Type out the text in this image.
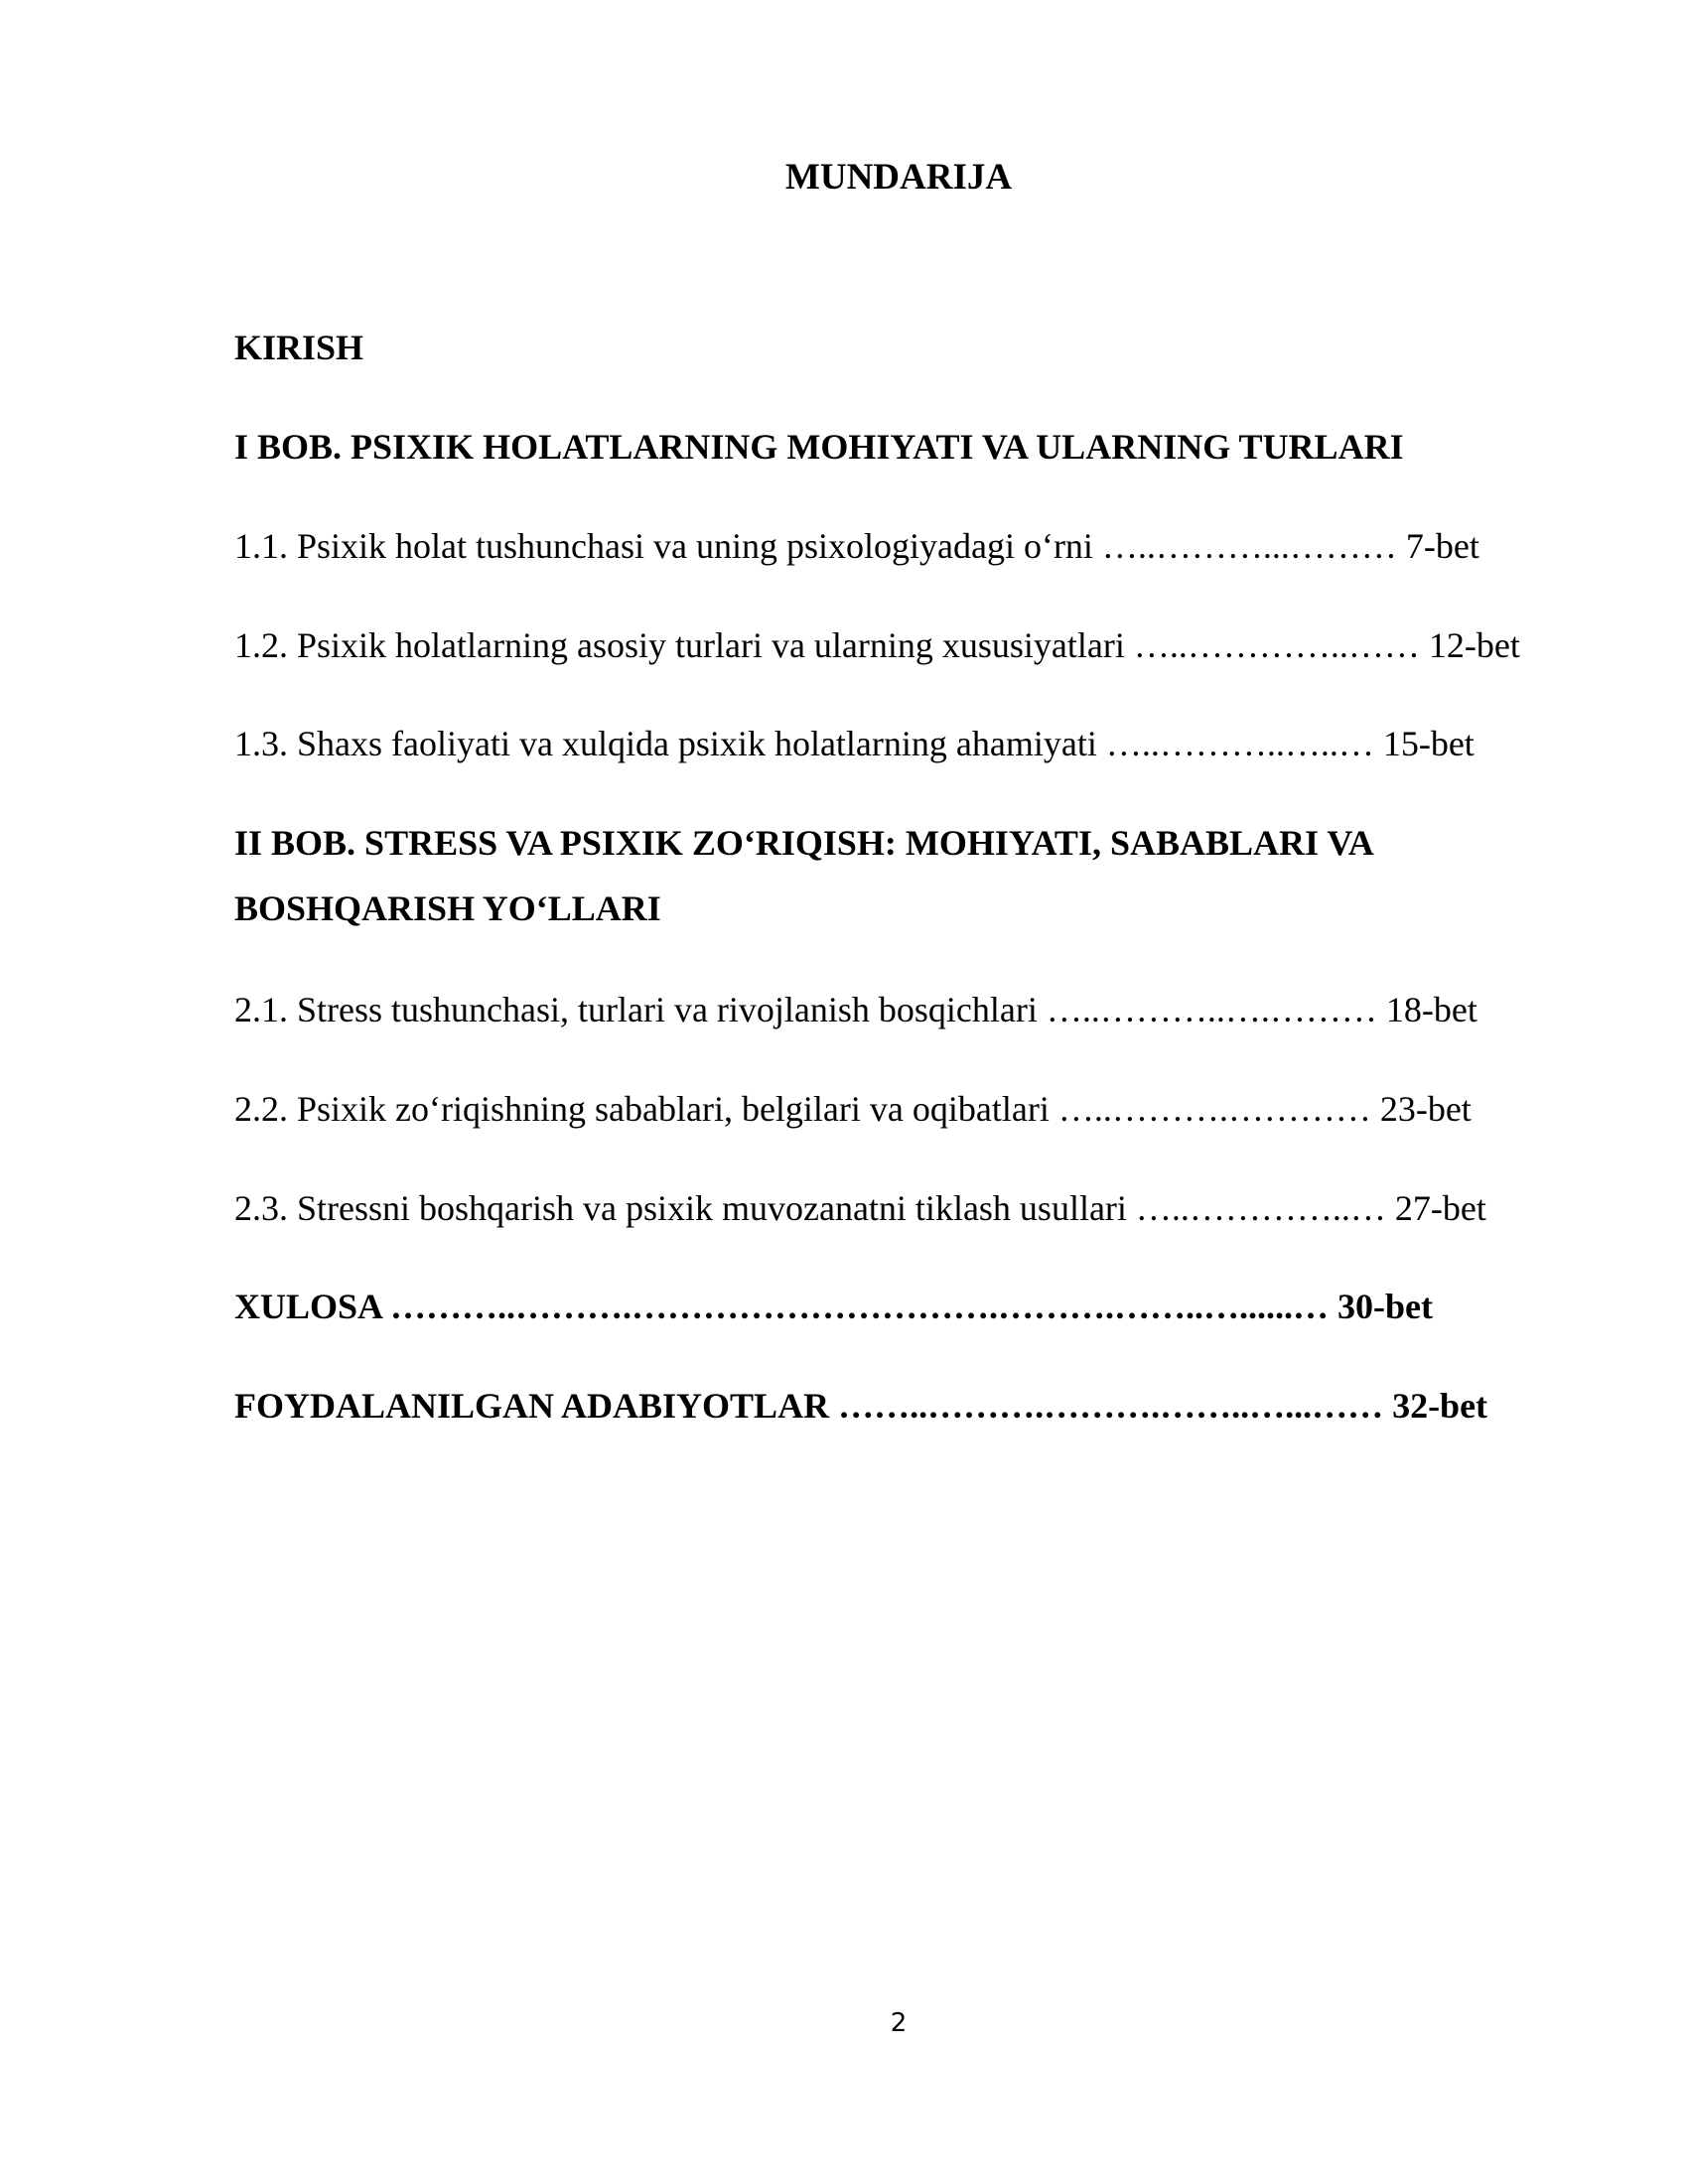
MUNDARIJA
KIRISH
I BOB. PSIXIK HOLATLARNING MOHIYATI VA ULARNING TURLARI
1.1. Psixik holat tushunchasi va uning psixologiyadagi o‘rni …..………...……… 7-bet
1.2. Psixik holatlarning asosiy turlari va ularning xususiyatlari …..…………..…… 12-bet
1.3. Shaxs faoliyati va xulqida psixik holatlarning ahamiyati …..………..…..… 15-bet
II BOB. STRESS VA PSIXIK ZO‘RIQISH: MOHIYATI, SABABLARI VA BOSHQARISH YO‘LLARI
2.1. Stress tushunchasi, turlari va rivojlanish bosqichlari …..………..….……… 18-bet
2.2. Psixik zo‘riqishning sabablari, belgilari va oqibatlari …..……….………… 23-bet
2.3. Stressni boshqarish va psixik muvozanatni tiklash usullari …..…………..… 27-bet
XULOSA ………..……….………………………….……….……..…......… 30-bet
FOYDALANILGAN ADABIYOTLAR ……..……….……….……..…...…… 32-bet
2
